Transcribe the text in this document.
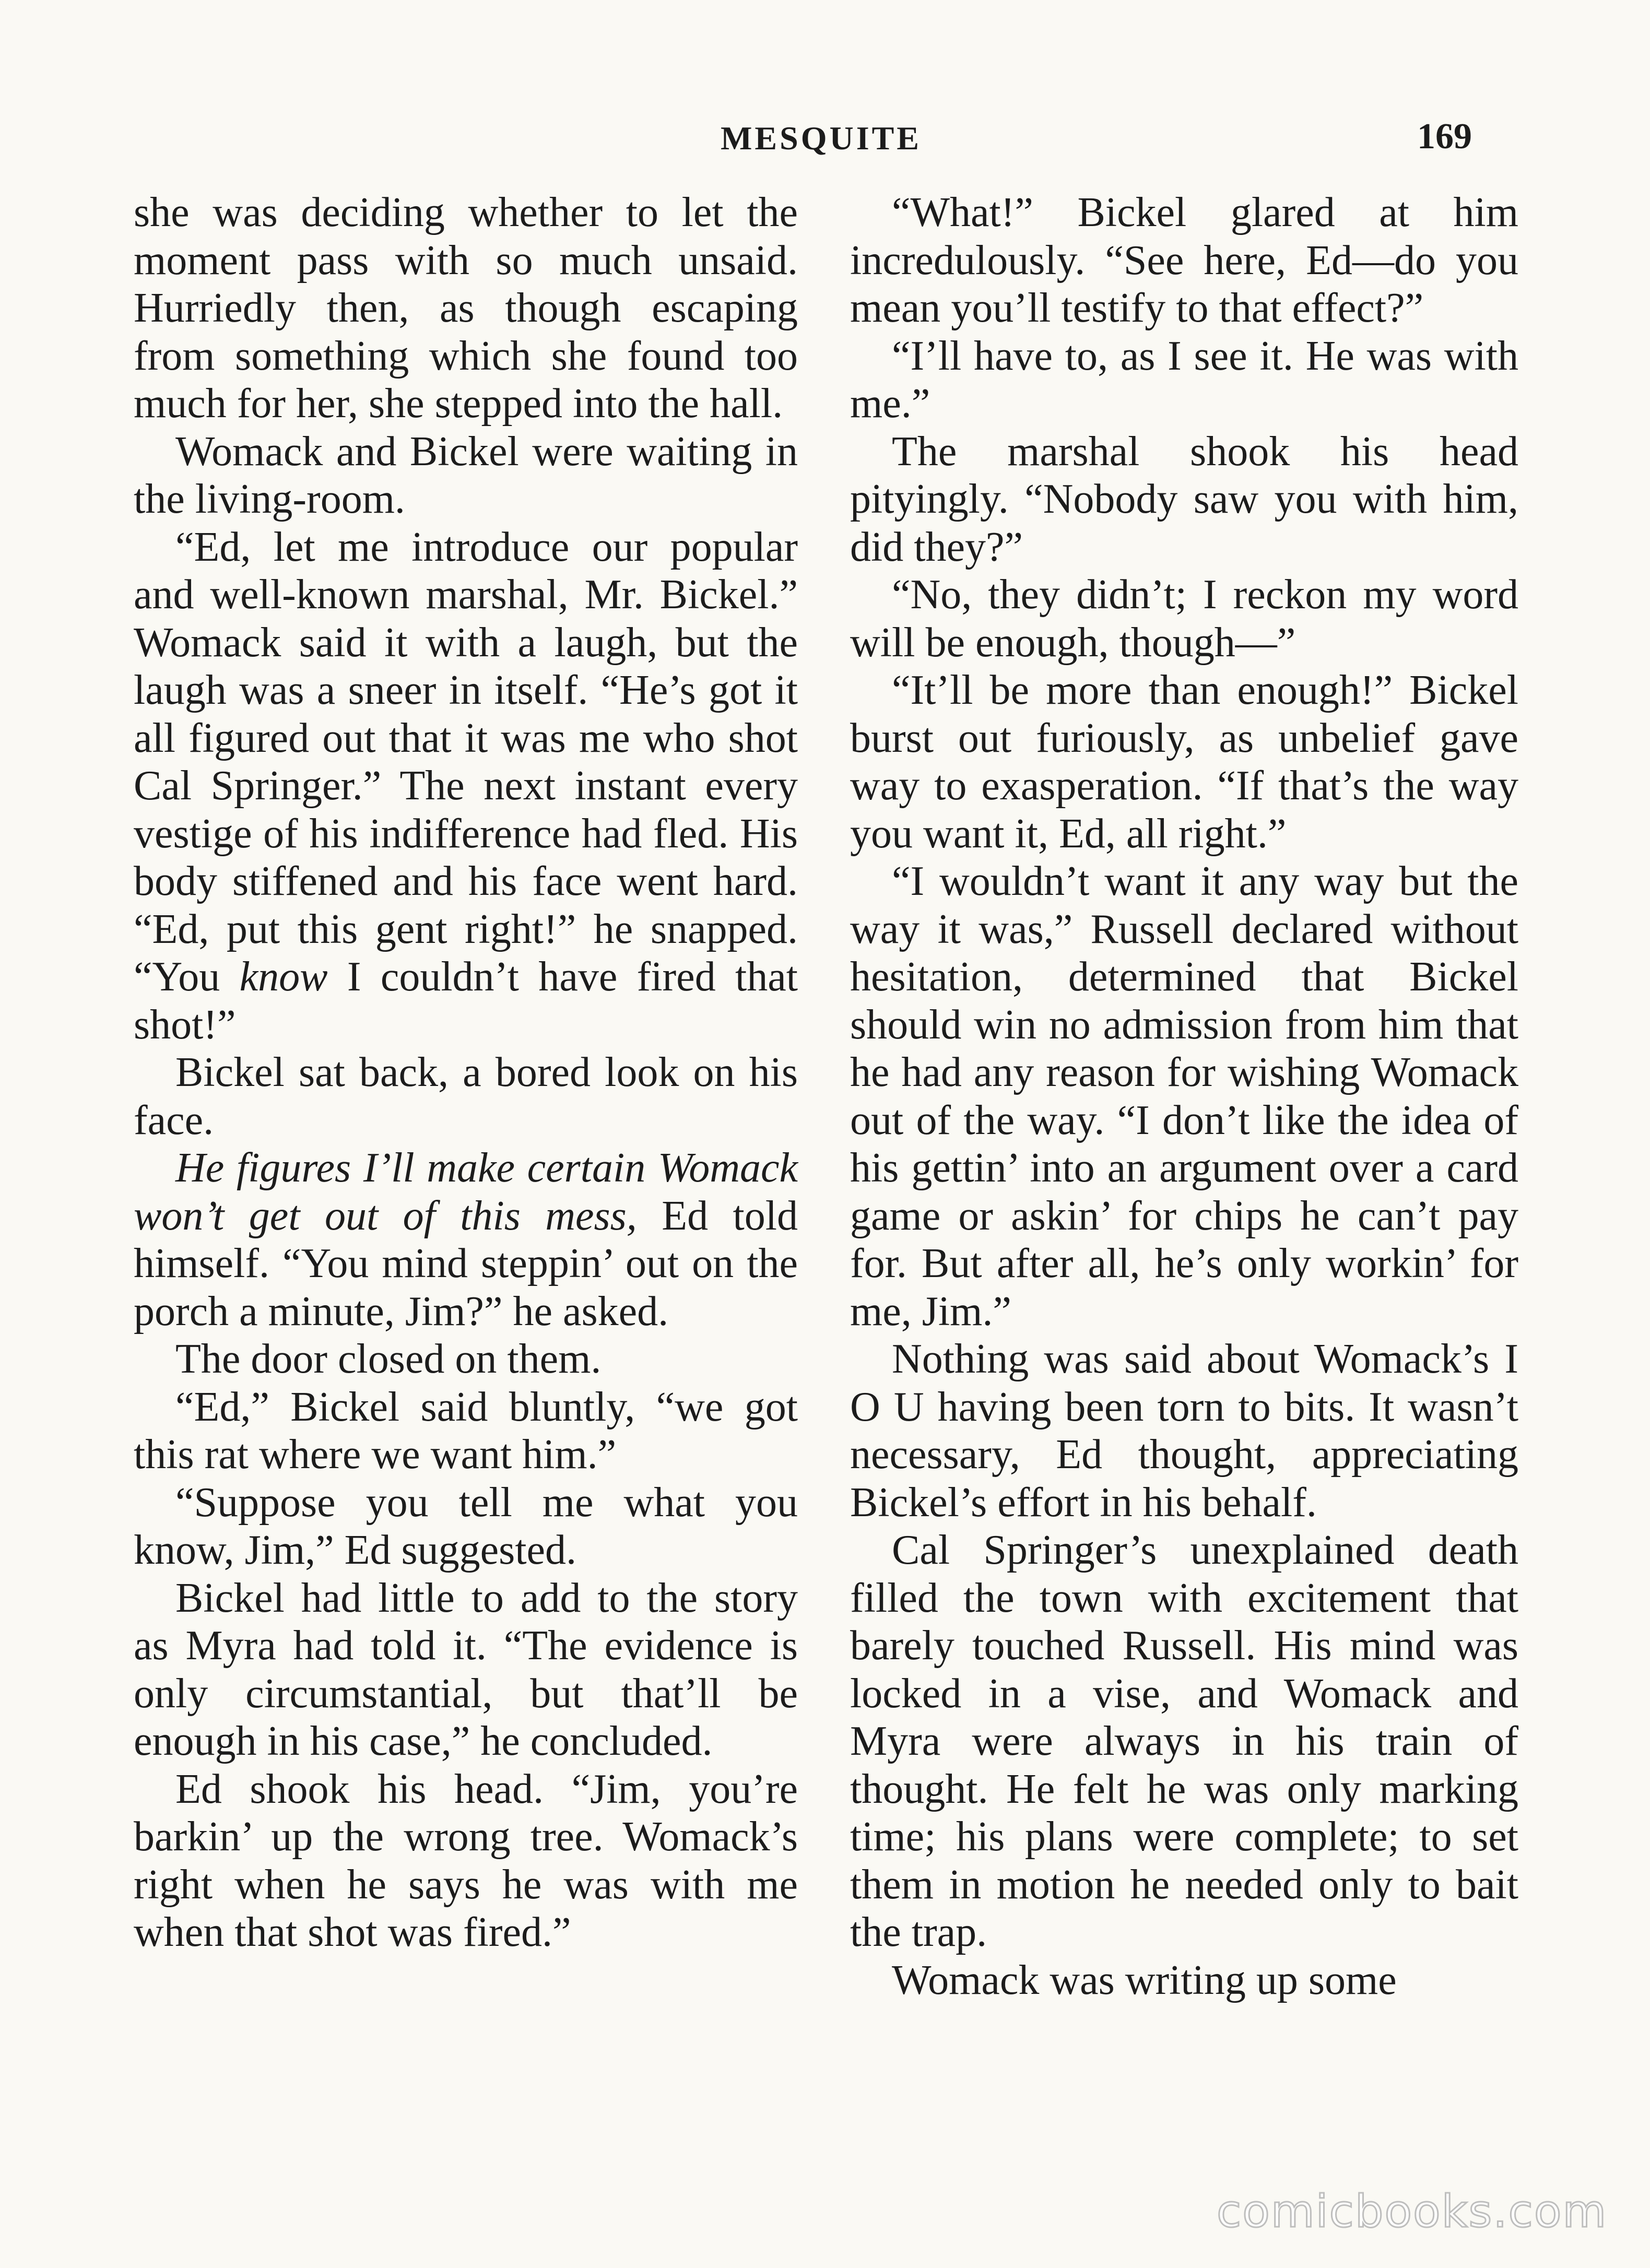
MESQUITE	169

she was deciding whether to let the moment pass with so much unsaid. Hurriedly then, as though escaping from something which she found too much for her, she stepped into the hall.

Womack and Bickel were waiting in the living-room.

“Ed, let me introduce our popular and well-known marshal, Mr. Bickel.” Womack said it with a laugh, but the laugh was a sneer in itself. “He’s got it all figured out that it was me who shot Cal Springer.” The next instant every vestige of his indifference had fled. His body stiffened and his face went hard. “Ed, put this gent right!” he snapped. “You know I couldn’t have fired that shot!”

Bickel sat back, a bored look on his face.

He figures I’ll make certain Womack won’t get out of this mess, Ed told himself. “You mind steppin’ out on the porch a minute, Jim?” he asked.

The door closed on them.

“Ed,” Bickel said bluntly, “we got this rat where we want him.”

“Suppose you tell me what you know, Jim,” Ed suggested.

Bickel had little to add to the story as Myra had told it. “The evidence is only circumstantial, but that’ll be enough in his case,” he concluded.

Ed shook his head. “Jim, you’re barkin’ up the wrong tree. Womack’s right when he says he was with me when that shot was fired.”

“What!” Bickel glared at him incredulously. “See here, Ed—do you mean you’ll testify to that effect?”

“I’ll have to, as I see it. He was with me.”

The marshal shook his head pityingly. “Nobody saw you with him, did they?”

“No, they didn’t; I reckon my word will be enough, though—”

“It’ll be more than enough!” Bickel burst out furiously, as unbelief gave way to exasperation. “If that’s the way you want it, Ed, all right.”

“I wouldn’t want it any way but the way it was,” Russell declared without hesitation, determined that Bickel should win no admission from him that he had any reason for wishing Womack out of the way. “I don’t like the idea of his gettin’ into an argument over a card game or askin’ for chips he can’t pay for. But after all, he’s only workin’ for me, Jim.”

Nothing was said about Womack’s I O U having been torn to bits. It wasn’t necessary, Ed thought, appreciating Bickel’s effort in his behalf.

Cal Springer’s unexplained death filled the town with excitement that barely touched Russell. His mind was locked in a vise, and Womack and Myra were always in his train of thought. He felt he was only marking time; his plans were complete; to set them in motion he needed only to bait the trap.

Womack was writing up some

comicbooks.com
